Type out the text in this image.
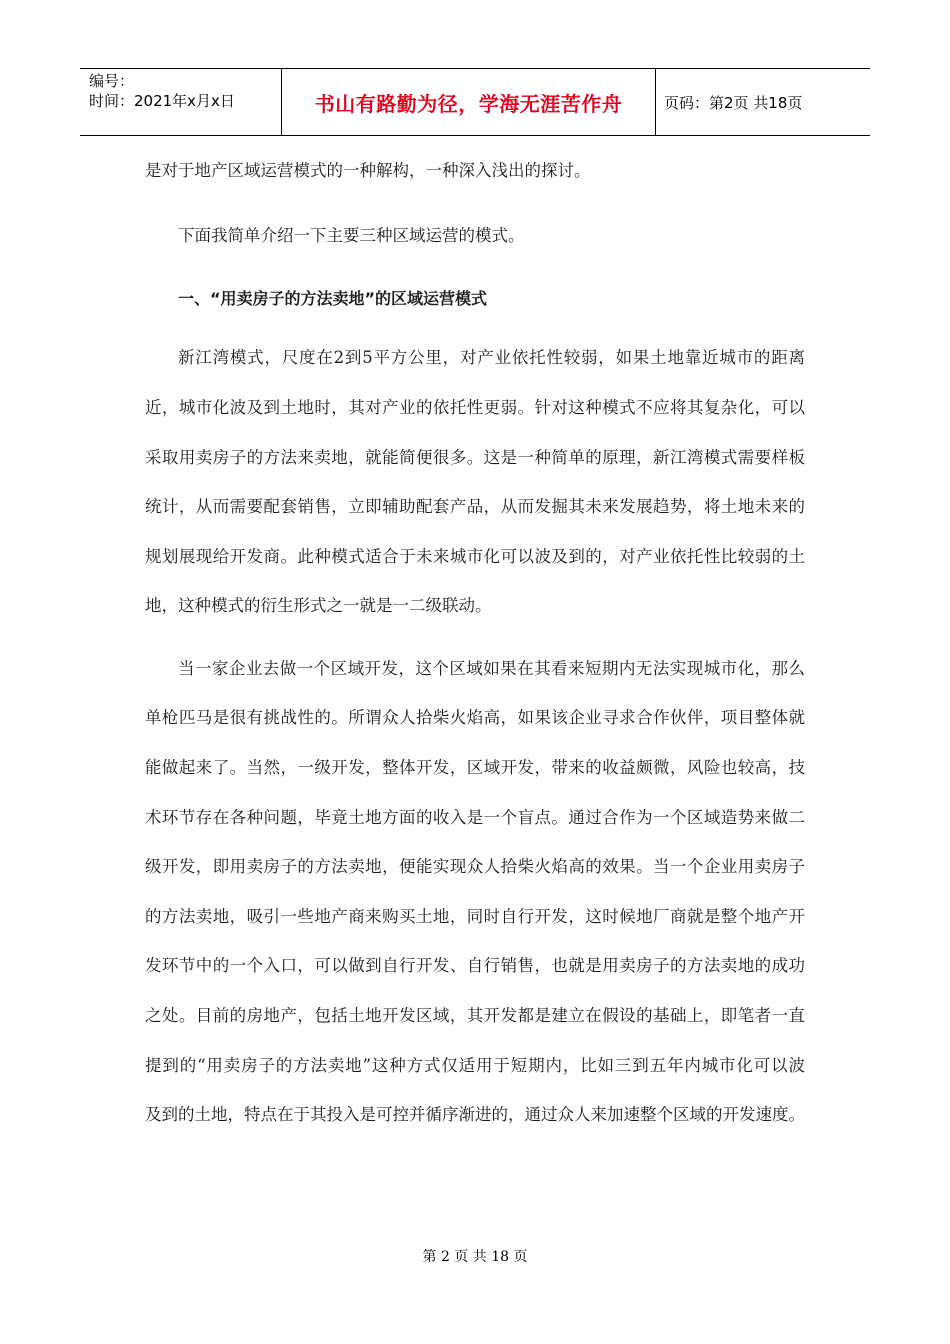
编号：
时间：2021年x月x日	书山有路勤为径，学海无涯苦作舟	页码：第2页 共18页
是对于地产区域运营模式的一种解构，一种深入浅出的探讨。
下面我简单介绍一下主要三种区域运营的模式。
一、“用卖房子的方法卖地”的区域运营模式
新江湾模式，尺度在2到5平方公里，对产业依托性较弱，如果土地靠近城市的距离
近，城市化波及到土地时，其对产业的依托性更弱。针对这种模式不应将其复杂化，可以
采取用卖房子的方法来卖地，就能简便很多。这是一种简单的原理，新江湾模式需要样板
统计，从而需要配套销售，立即辅助配套产品，从而发掘其未来发展趋势，将土地未来的
规划展现给开发商。此种模式适合于未来城市化可以波及到的，对产业依托性比较弱的土
地，这种模式的衍生形式之一就是一二级联动。
当一家企业去做一个区域开发，这个区域如果在其看来短期内无法实现城市化，那么
单枪匹马是很有挑战性的。所谓众人拾柴火焰高，如果该企业寻求合作伙伴，项目整体就
能做起来了。当然，一级开发，整体开发，区域开发，带来的收益颇微，风险也较高，技
术环节存在各种问题，毕竟土地方面的收入是一个盲点。通过合作为一个区域造势来做二
级开发，即用卖房子的方法卖地，便能实现众人拾柴火焰高的效果。当一个企业用卖房子
的方法卖地，吸引一些地产商来购买土地，同时自行开发，这时候地厂商就是整个地产开
发环节中的一个入口，可以做到自行开发、自行销售，也就是用卖房子的方法卖地的成功
之处。目前的房地产，包括土地开发区域，其开发都是建立在假设的基础上，即笔者一直
提到的“用卖房子的方法卖地”这种方式仅适用于短期内，比如三到五年内城市化可以波
及到的土地，特点在于其投入是可控并循序渐进的，通过众人来加速整个区域的开发速度。
第 2 页 共 18 页
